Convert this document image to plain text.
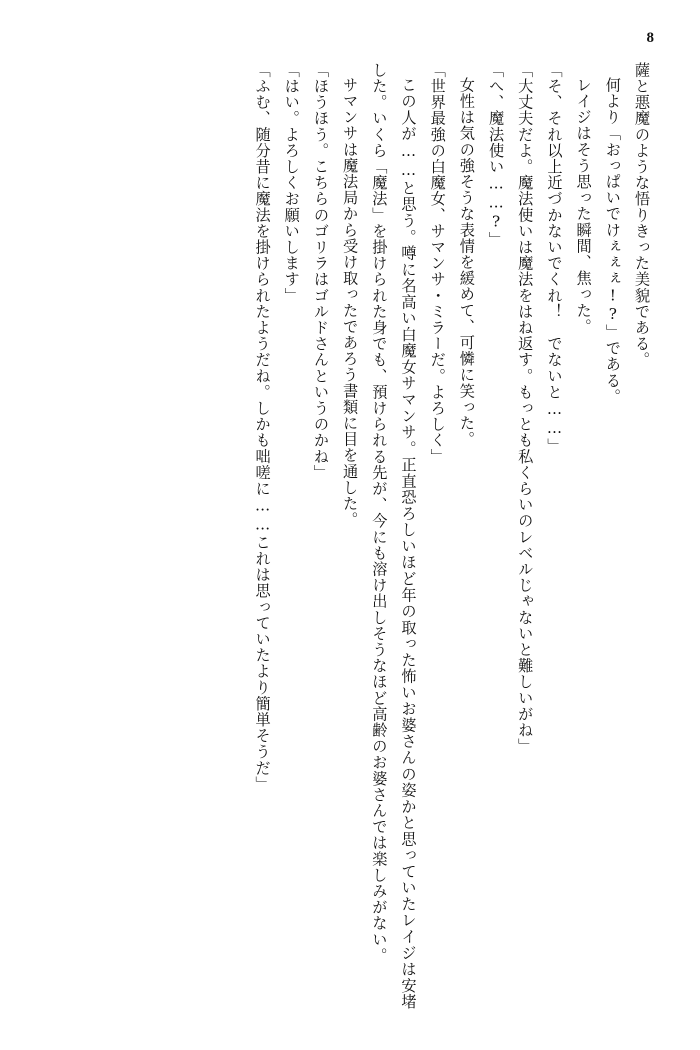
8

薩と悪魔のような悟りきった美貌である。

何より「おっぱいでけぇぇぇ!?」である。

レイジはそう思った瞬間、焦った。

「そ、それ以上近づかないでくれ！　でないと……」

「大丈夫だよ。魔法使いは魔法をはね返す。もっとも私くらいのレベルじゃないと難しいがね」

「へ、魔法使い……?」

女性は気の強そうな表情を緩めて、可憐に笑った。

「世界最強の白魔女、サマンサ・ミラーだ。よろしく」

この人が……と思う。噂に名高い白魔女サマンサ。正直恐ろしいほど年の取った怖いお婆さんの姿かと思っていたレイジは安堵した。いくら「魔法」を掛けられた身でも、預けられる先が、今にも溶け出しそうなほど高齢のお婆さんでは楽しみがない。

サマンサは魔法局から受け取ったであろう書類に目を通した。

「ほうほう。こちらのゴリラはゴルドさんというのかね」

「はい。よろしくお願いします」

「ふむ、随分昔に魔法を掛けられたようだね。しかも咄嗟に……これは思っていたより簡単そうだ」
